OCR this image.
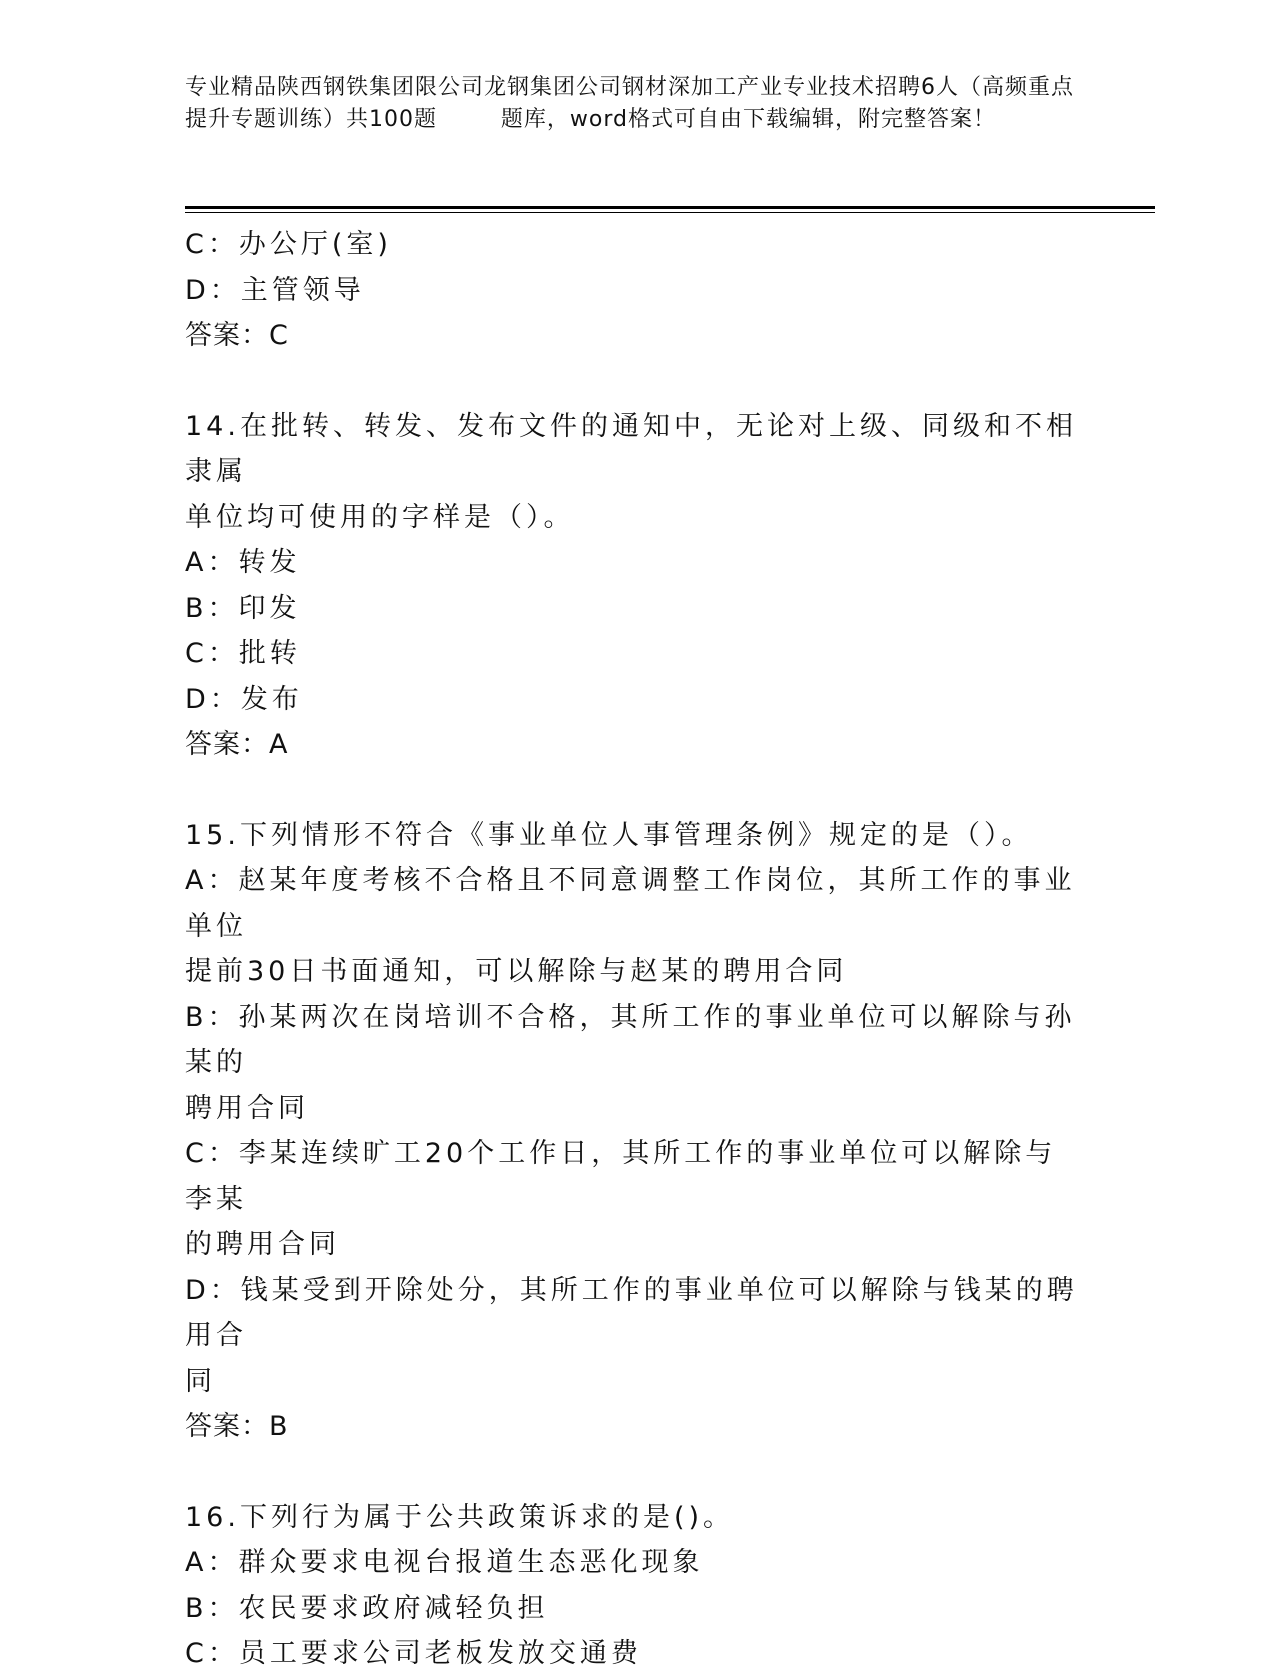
专业精品陕西钢铁集团限公司龙钢集团公司钢材深加工产业专业技术招聘6人（高频重点提升专题训练）共100题        题库，word格式可自由下载编辑，附完整答案！

C：办公厅(室)

D：主管领导

答案：C

14.在批转、转发、发布文件的通知中，无论对上级、同级和不相隶属

单位均可使用的字样是（）。

A：转发

B：印发

C：批转

D：发布

答案：A

15.下列情形不符合《事业单位人事管理条例》规定的是（）。

A：赵某年度考核不合格且不同意调整工作岗位，其所工作的事业单位

提前30日书面通知，可以解除与赵某的聘用合同

B：孙某两次在岗培训不合格，其所工作的事业单位可以解除与孙某的

聘用合同

C：李某连续旷工20个工作日，其所工作的事业单位可以解除与李某

的聘用合同

D：钱某受到开除处分，其所工作的事业单位可以解除与钱某的聘用合

同

答案：B

16.下列行为属于公共政策诉求的是()。

A：群众要求电视台报道生态恶化现象

B：农民要求政府减轻负担

C：员工要求公司老板发放交通费
